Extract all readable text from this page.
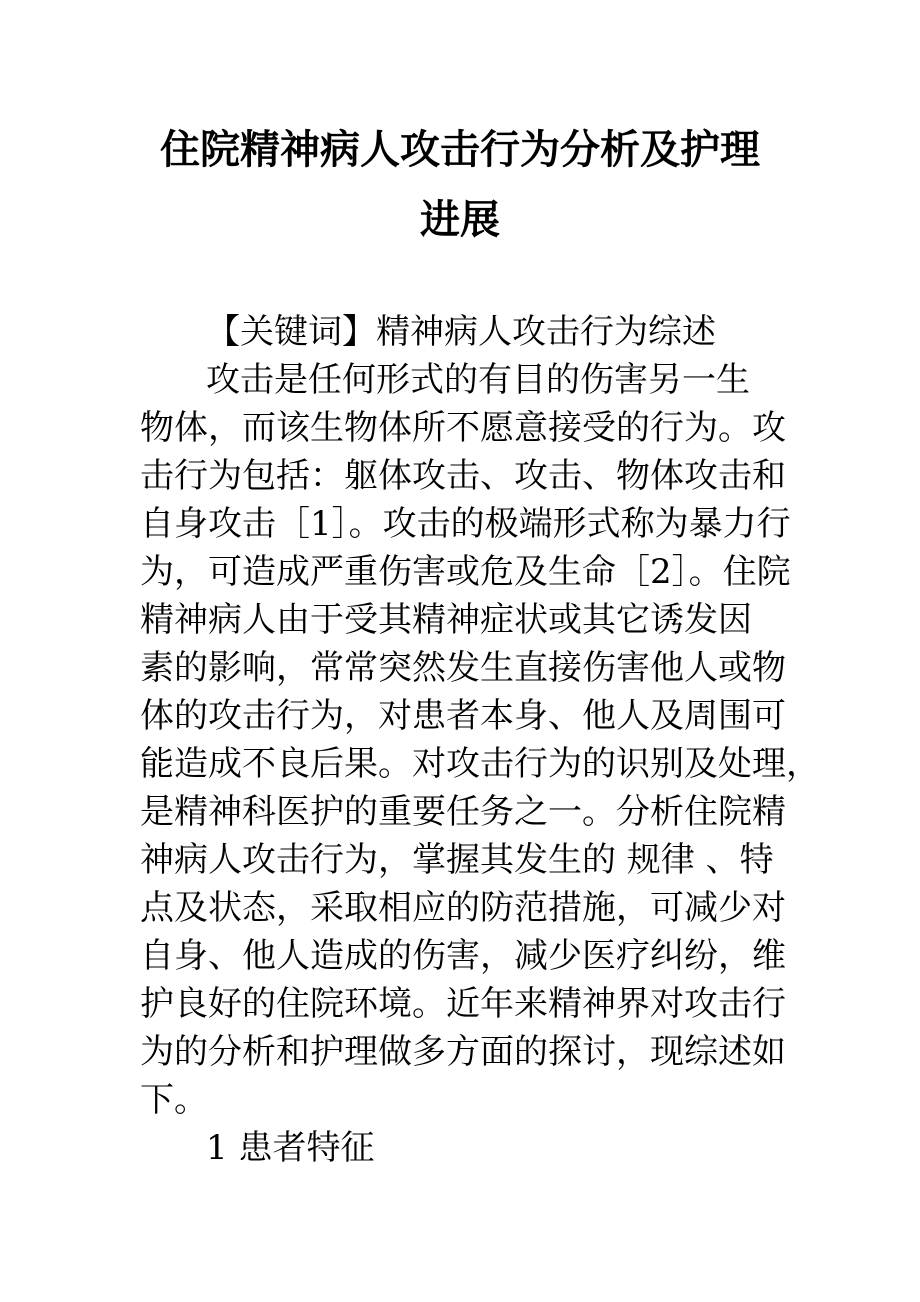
住院精神病人攻击行为分析及护理
进展

【关键词】精神病人攻击行为综述

攻击是任何形式的有目的伤害另一生

物体，而该生物体所不愿意接受的行为。攻

击行为包括：躯体攻击、攻击、物体攻击和

自身攻击［1］。攻击的极端形式称为暴力行

为，可造成严重伤害或危及生命［2］。住院

精神病人由于受其精神症状或其它诱发因

素的影响，常常突然发生直接伤害他人或物

体的攻击行为，对患者本身、他人及周围可

能造成不良后果。对攻击行为的识别及处理，

是精神科医护的重要任务之一。分析住院精

神病人攻击行为，掌握其发生的 规律 、特

点及状态，采取相应的防范措施，可减少对

自身、他人造成的伤害，减少医疗纠纷，维

护良好的住院环境。近年来精神界对攻击行

为的分析和护理做多方面的探讨，现综述如

下。

1 患者特征
